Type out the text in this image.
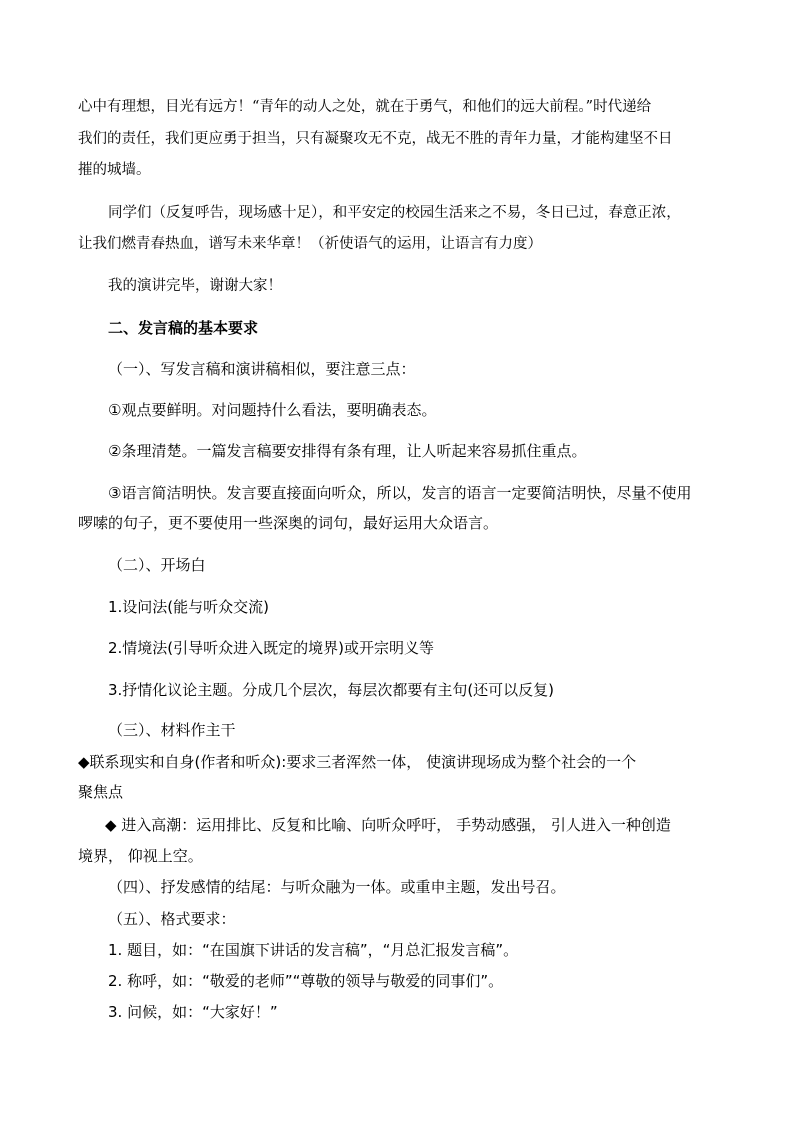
心中有理想，目光有远方！“青年的动人之处，就在于勇气，和他们的远大前程。”时代递给
我们的责任，我们更应勇于担当，只有凝聚攻无不克，战无不胜的青年力量，才能构建坚不日
摧的城墙。
同学们（反复呼告，现场感十足），和平安定的校园生活来之不易，冬日已过，春意正浓，
让我们燃青春热血，谱写未来华章！（祈使语气的运用，让语言有力度）
我的演讲完毕，谢谢大家！
二、发言稿的基本要求
（一）、写发言稿和演讲稿相似，要注意三点：
①观点要鲜明。对问题持什么看法，要明确表态。
②条理清楚。一篇发言稿要安排得有条有理，让人听起来容易抓住重点。
③语言简洁明快。发言要直接面向听众，所以，发言的语言一定要简洁明快，尽量不使用
啰嗦的句子，更不要使用一些深奥的词句，最好运用大众语言。
（二）、开场白
1.设问法(能与听众交流)
2.情境法(引导听众进入既定的境界)或开宗明义等
3.抒情化议论主题。分成几个层次，每层次都要有主句(还可以反复)
（三）、材料作主干
◆联系现实和自身(作者和听众):要求三者浑然一体， 使演讲现场成为整个社会的一个
聚焦点
◆ 进入高潮：运用排比、反复和比喻、向听众呼吁， 手势动感强， 引人进入一种创造
境界， 仰视上空。
（四）、抒发感情的结尾：与听众融为一体。或重申主题，发出号召。
（五）、格式要求：
1. 题目，如：“在国旗下讲话的发言稿”，“月总汇报发言稿”。
2. 称呼，如：“敬爱的老师”“尊敬的领导与敬爱的同事们”。
3. 问候，如：“大家好！”
